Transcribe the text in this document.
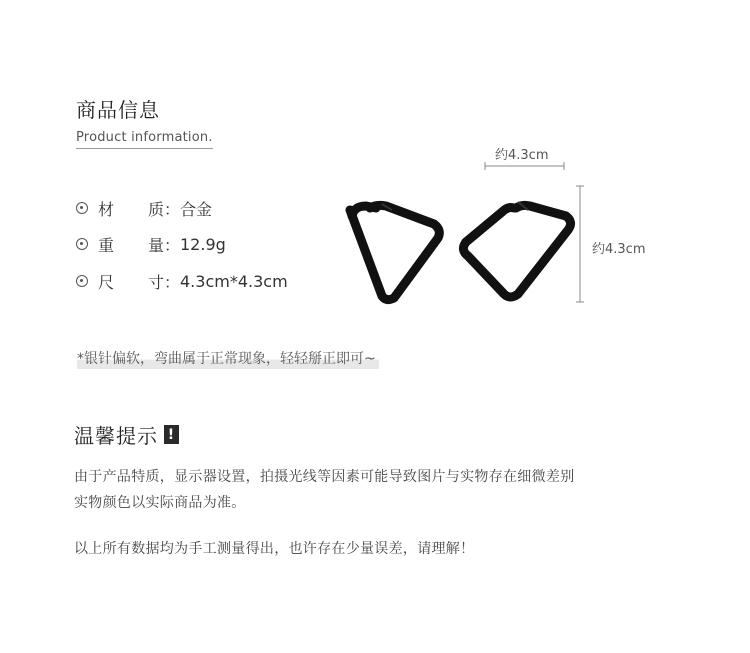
商品信息
Product information.
材 质： 合金
重 量： 12.9g
尺 寸： 4.3cm*4.3cm
约4.3cm
约4.3cm
*银针偏软，弯曲属于正常现象，轻轻掰正即可~
温馨提示 !
由于产品特质，显示器设置，拍摄光线等因素可能导致图片与实物存在细微差别
实物颜色以实际商品为准。
以上所有数据均为手工测量得出，也许存在少量误差，请理解！
